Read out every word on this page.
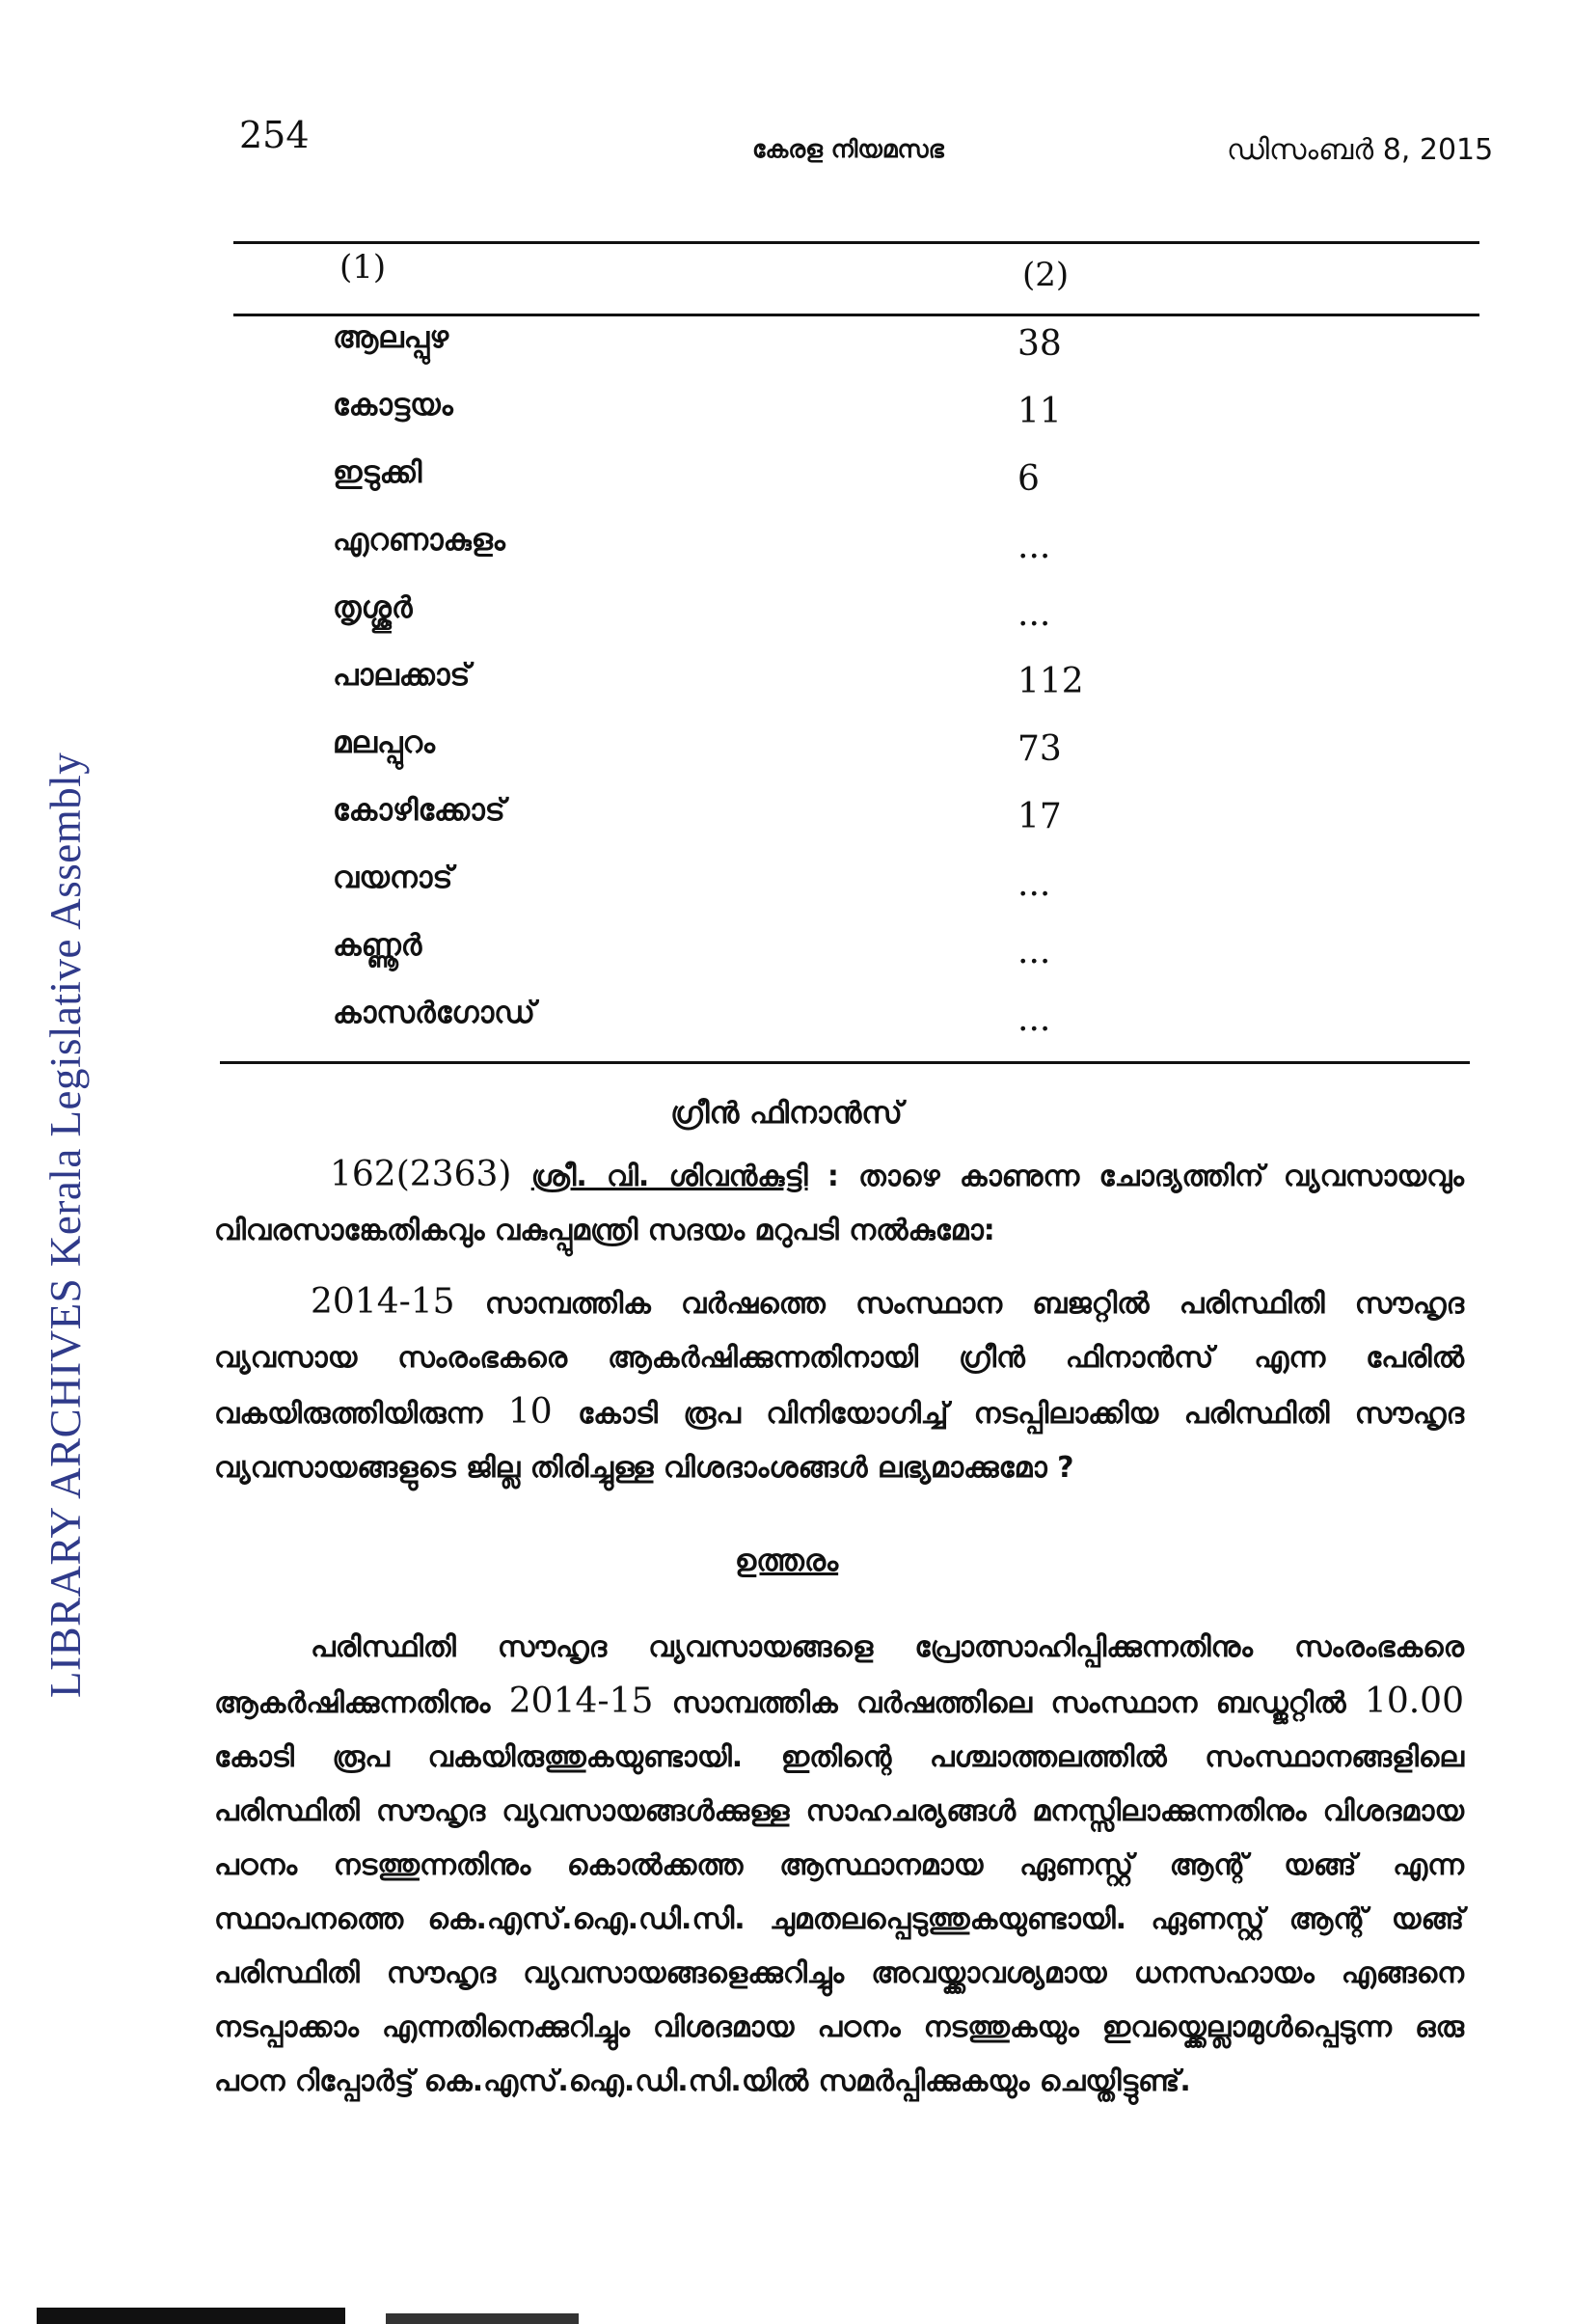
254	കേരള നിയമസഭ	ഡിസംബർ 8, 2015
(1)	(2)
ആലപ്പുഴ	38
കോട്ടയം	11
ഇടുക്കി	6
എറണാകുളം	...
തൃശ്ശൂർ	...
പാലക്കാട്	112
മലപ്പുറം	73
കോഴിക്കോട്	17
വയനാട്	...
കണ്ണൂർ	...
കാസർഗോഡ്	...
ഗ്രീൻ ഫിനാൻസ്
162(2363) ശ്രീ. വി. ശിവൻകുട്ടി : താഴെ കാണുന്ന ചോദ്യത്തിന് വ്യവസായവും വിവരസാങ്കേതികവും വകുപ്പുമന്ത്രി സദയം മറുപടി നൽകുമോ:
2014-15 സാമ്പത്തിക വർഷത്തെ സംസ്ഥാന ബജറ്റിൽ പരിസ്ഥിതി സൗഹൃദ വ്യവസായ സംരംഭകരെ ആകർഷിക്കുന്നതിനായി ഗ്രീൻ ഫിനാൻസ് എന്ന പേരിൽ വകയിരുത്തിയിരുന്ന 10 കോടി രൂപ വിനിയോഗിച്ച് നടപ്പിലാക്കിയ പരിസ്ഥിതി സൗഹൃദ വ്യവസായങ്ങളുടെ ജില്ല തിരിച്ചുള്ള വിശദാംശങ്ങൾ ലഭ്യമാക്കുമോ ?
ഉത്തരം
പരിസ്ഥിതി സൗഹൃദ വ്യവസായങ്ങളെ പ്രോത്സാഹിപ്പിക്കുന്നതിനും സംരംഭകരെ ആകർഷിക്കുന്നതിനും 2014-15 സാമ്പത്തിക വർഷത്തിലെ സംസ്ഥാന ബഡ്ജറ്റിൽ 10.00 കോടി രൂപ വകയിരുത്തുകയുണ്ടായി. ഇതിന്റെ പശ്ചാത്തലത്തിൽ സംസ്ഥാനങ്ങളിലെ പരിസ്ഥിതി സൗഹൃദ വ്യവസായങ്ങൾക്കുള്ള സാഹചര്യങ്ങൾ മനസ്സിലാക്കുന്നതിനും വിശദമായ പഠനം നടത്തുന്നതിനും കൊൽക്കത്ത ആസ്ഥാനമായ ഏണസ്റ്റ് ആന്റ് യങ്ങ് എന്ന സ്ഥാപനത്തെ കെ.എസ്.ഐ.ഡി.സി. ചുമതലപ്പെടുത്തുകയുണ്ടായി. ഏണസ്റ്റ് ആന്റ് യങ്ങ് പരിസ്ഥിതി സൗഹൃദ വ്യവസായങ്ങളെക്കുറിച്ചും അവയ്ക്കാവശ്യമായ ധനസഹായം എങ്ങനെ നടപ്പാക്കാം എന്നതിനെക്കുറിച്ചും വിശദമായ പഠനം നടത്തുകയും ഇവയ്ക്കെല്ലാമുൾപ്പെടുന്ന ഒരു പഠന റിപ്പോർട്ട് കെ.എസ്.ഐ.ഡി.സി.യിൽ സമർപ്പിക്കുകയും ചെയ്തിട്ടുണ്ട്.
LIBRARY ARCHIVES Kerala Legislative Assembly
